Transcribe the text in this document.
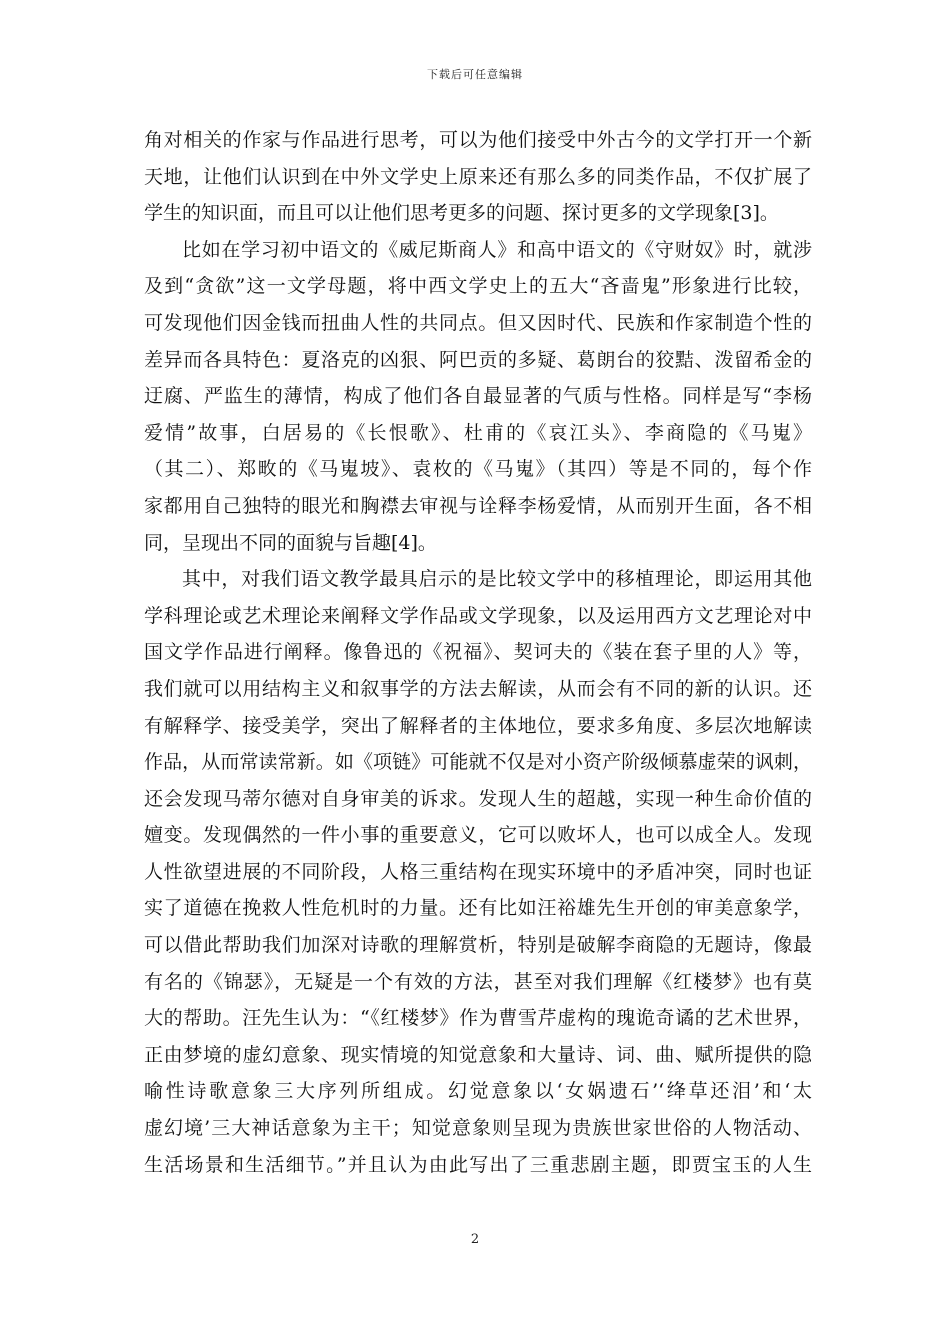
下载后可任意编辑
角对相关的作家与作品进行思考，可以为他们接受中外古今的文学打开一个新
天地，让他们认识到在中外文学史上原来还有那么多的同类作品，不仅扩展了
学生的知识面，而且可以让他们思考更多的问题、探讨更多的文学现象[3]。
比如在学习初中语文的《威尼斯商人》和高中语文的《守财奴》时，就涉
及到“贪欲”这一文学母题，将中西文学史上的五大“吝啬鬼”形象进行比较，
可发现他们因金钱而扭曲人性的共同点。但又因时代、民族和作家制造个性的
差异而各具特色：夏洛克的凶狠、阿巴贡的多疑、葛朗台的狡黠、泼留希金的
迂腐、严监生的薄情，构成了他们各自最显著的气质与性格。同样是写“李杨
爱情”故事，白居易的《长恨歌》、杜甫的《哀江头》、李商隐的《马嵬》
（其二）、郑畋的《马嵬坡》、袁枚的《马嵬》（其四）等是不同的，每个作
家都用自己独特的眼光和胸襟去审视与诠释李杨爱情，从而别开生面，各不相
同，呈现出不同的面貌与旨趣[4]。
其中，对我们语文教学最具启示的是比较文学中的移植理论，即运用其他
学科理论或艺术理论来阐释文学作品或文学现象，以及运用西方文艺理论对中
国文学作品进行阐释。像鲁迅的《祝福》、契诃夫的《装在套子里的人》等，
我们就可以用结构主义和叙事学的方法去解读，从而会有不同的新的认识。还
有解释学、接受美学，突出了解释者的主体地位，要求多角度、多层次地解读
作品，从而常读常新。如《项链》可能就不仅是对小资产阶级倾慕虚荣的讽刺，
还会发现马蒂尔德对自身审美的诉求。发现人生的超越，实现一种生命价值的
嬗变。发现偶然的一件小事的重要意义，它可以败坏人，也可以成全人。发现
人性欲望进展的不同阶段，人格三重结构在现实环境中的矛盾冲突，同时也证
实了道德在挽救人性危机时的力量。还有比如汪裕雄先生开创的审美意象学，
可以借此帮助我们加深对诗歌的理解赏析，特别是破解李商隐的无题诗，像最
有名的《锦瑟》，无疑是一个有效的方法，甚至对我们理解《红楼梦》也有莫
大的帮助。汪先生认为：“《红楼梦》作为曹雪芹虚构的瑰诡奇谲的艺术世界，
正由梦境的虚幻意象、现实情境的知觉意象和大量诗、词、曲、赋所提供的隐
喻性诗歌意象三大序列所组成。幻觉意象以‘女娲遗石’‘绛草还泪’和‘太
虚幻境’三大神话意象为主干；知觉意象则呈现为贵族世家世俗的人物活动、
生活场景和生活细节。”并且认为由此写出了三重悲剧主题，即贾宝玉的人生
2
